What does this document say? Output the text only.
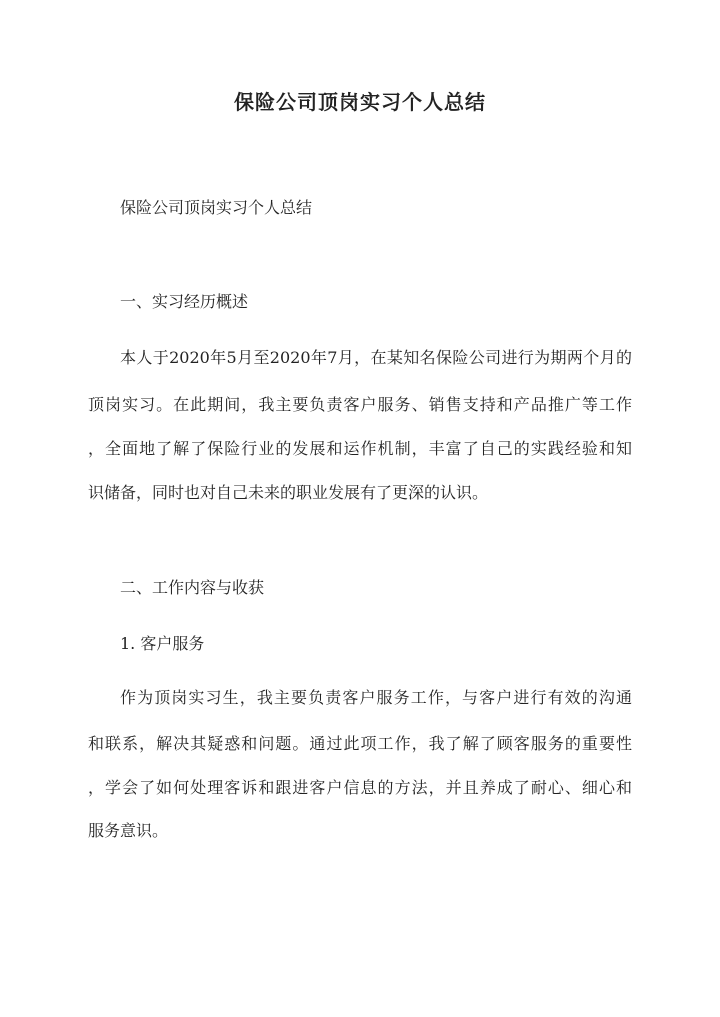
保险公司顶岗实习个人总结
保险公司顶岗实习个人总结
一、实习经历概述
本人于2020年5月至2020年7月，在某知名保险公司进行为期两个月的
顶岗实习。在此期间，我主要负责客户服务、销售支持和产品推广等工作
，全面地了解了保险行业的发展和运作机制，丰富了自己的实践经验和知
识储备，同时也对自己未来的职业发展有了更深的认识。
二、工作内容与收获
1. 客户服务
作为顶岗实习生，我主要负责客户服务工作，与客户进行有效的沟通
和联系，解决其疑惑和问题。通过此项工作，我了解了顾客服务的重要性
，学会了如何处理客诉和跟进客户信息的方法，并且养成了耐心、细心和
服务意识。
